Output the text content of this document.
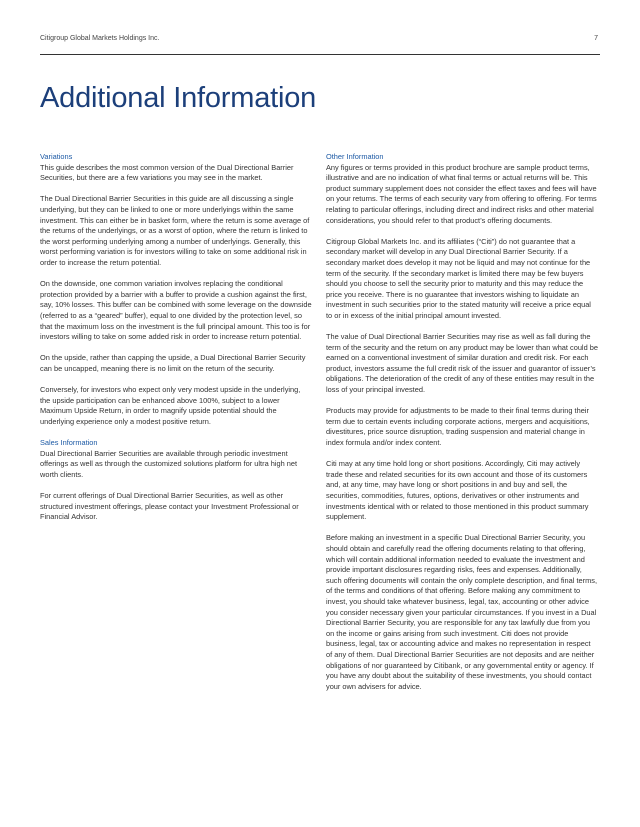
Citigroup Global Markets Holdings Inc.	7
Additional Information

Variations

This guide describes the most common version of the Dual Directional Barrier Securities, but there are a few variations you may see in the market.

The Dual Directional Barrier Securities in this guide are all discussing a single underlying, but they can be linked to one or more underlyings within the same investment. This can either be in basket form, where the return is some average of the returns of the underlyings, or as a worst of option, where the return is linked to the worst performing underlying among a number of underlyings. Generally, this worst performing variation is for investors willing to take on some additional risk in order to increase the return potential.

On the downside, one common variation involves replacing the conditional protection provided by a barrier with a buffer to provide a cushion against the first, say, 10% losses. This buffer can be combined with some leverage on the downside (referred to as a “geared” buffer), equal to one divided by the protection level, so that the maximum loss on the investment is the full principal amount. This too is for investors willing to take on some added risk in order to increase return potential.

On the upside, rather than capping the upside, a Dual Directional Barrier Security can be uncapped, meaning there is no limit on the return of the security.

Conversely, for investors who expect only very modest upside in the underlying, the upside participation can be enhanced above 100%, subject to a lower Maximum Upside Return, in order to magnify upside potential should the underlying experience only a modest positive return.

Sales Information

Dual Directional Barrier Securities are available through periodic investment offerings as well as through the customized solutions platform for ultra high net worth clients.

For current offerings of Dual Directional Barrier Securities, as well as other structured investment offerings, please contact your Investment Professional or Financial Advisor.

Other Information

Any figures or terms provided in this product brochure are sample product terms, illustrative and are no indication of what final terms or actual returns will be. This product summary supplement does not consider the effect taxes and fees will have on your returns. The terms of each security vary from offering to offering. For terms relating to particular offerings, including direct and indirect risks and other material considerations, you should refer to that product’s offering documents.

Citigroup Global Markets Inc. and its affiliates (“Citi”) do not guarantee that a secondary market will develop in any Dual Directional Barrier Security. If a secondary market does develop it may not be liquid and may not continue for the term of the security. If the secondary market is limited there may be few buyers should you choose to sell the security prior to maturity and this may reduce the price you receive. There is no guarantee that investors wishing to liquidate an investment in such securities prior to the stated maturity will receive a price equal to or in excess of the initial principal amount invested.

The value of Dual Directional Barrier Securities may rise as well as fall during the term of the security and the return on any product may be lower than what could be earned on a conventional investment of similar duration and credit risk. For each product, investors assume the full credit risk of the issuer and guarantor of issuer’s obligations. The deterioration of the credit of any of these entities may result in the loss of your principal invested.

Products may provide for adjustments to be made to their final terms during their term due to certain events including corporate actions, mergers and acquisitions, divestitures, price source disruption, trading suspension and material change in index formula and/or index content.

Citi may at any time hold long or short positions. Accordingly, Citi may actively trade these and related securities for its own account and those of its customers and, at any time, may have long or short positions in and buy and sell, the securities, commodities, futures, options, derivatives or other instruments and investments identical with or related to those mentioned in this product summary supplement.

Before making an investment in a specific Dual Directional Barrier Security, you should obtain and carefully read the offering documents relating to that offering, which will contain additional information needed to evaluate the investment and provide important disclosures regarding risks, fees and expenses. Additionally, such offering documents will contain the only complete description, and final terms, of the terms and conditions of that offering. Before making any commitment to invest, you should take whatever business, legal, tax, accounting or other advice you consider necessary given your particular circumstances. If you invest in a Dual Directional Barrier Security, you are responsible for any tax lawfully due from you on the income or gains arising from such investment. Citi does not provide business, legal, tax or accounting advice and makes no representation in respect of any of them. Dual Directional Barrier Securities are not deposits and are neither obligations of nor guaranteed by Citibank, or any governmental entity or agency. If you have any doubt about the suitability of these investments, you should contact your own advisers for advice.
